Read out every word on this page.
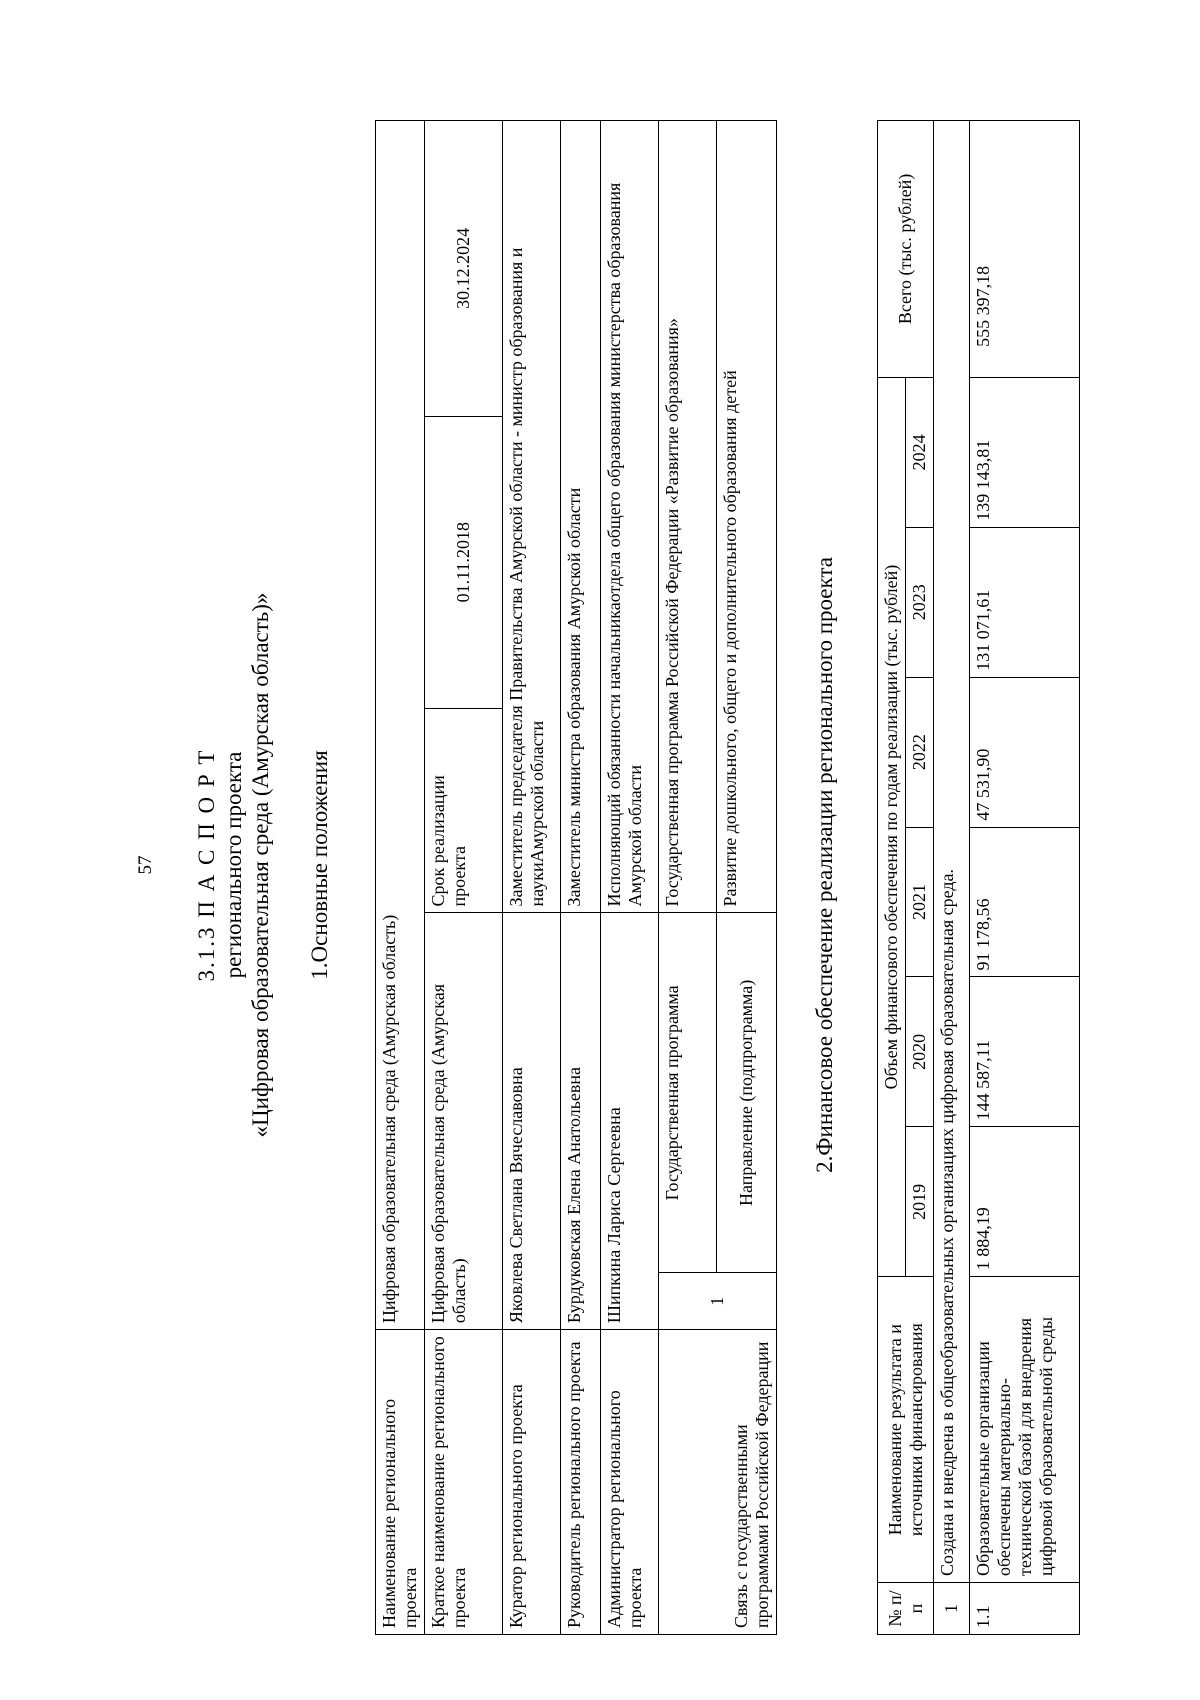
57 3.1.3 П А С П О Р Т регионального проекта «Цифровая образовательная среда (Амурская область)» 1.Основные положения
Наименование регионального проекта	Цифровая образовательная среда (Амурская область)				
Краткое наименование регионального проекта	Цифровая образовательная среда (Амурская область)		Срок реализации проекта	01.11.2018	30.12.2024
Куратор регионального проекта	Яковлева Светлана Вячеславовна		Заместитель председателя Правительства Амурской области - министр образования и наукиАмурской области		
Руководитель регионального проекта	Бурдуковская Елена Анатольевна		Заместитель министра образования Амурской области		
Администратор регионального проекта	Шипкина Лариса Сергеевна		Исполняющий обязанности начальникаотдела общего образования министерства образования Амурской области		
Связь с государственными программами Российской Федерации	1	Государственная программа	Государственная программа Российской Федерации «Развитие образования»		
		Направление (подпрограмма)	Развитие дошкольного, общего и дополнительного образования детей			2.Финансовое обеспечение реализации регионального проекта
№ п/п	Наименование результата и источники финансирования	Объем финансового обеспечения по годам реализации (тыс. рублей)						Всего (тыс. рублей)
		2019	2020	2021	2022	2023	2024	
1	Создана и внедрена в общеобразовательных организациях цифровая образовательная среда.							
1.1	Образовательные организации обеспечены материально-технической базой для внедрения цифровой образовательной среды	1 884,19	144 587,11	91 178,56	47 531,90	131 071,61	139 143,81	555 397,18
